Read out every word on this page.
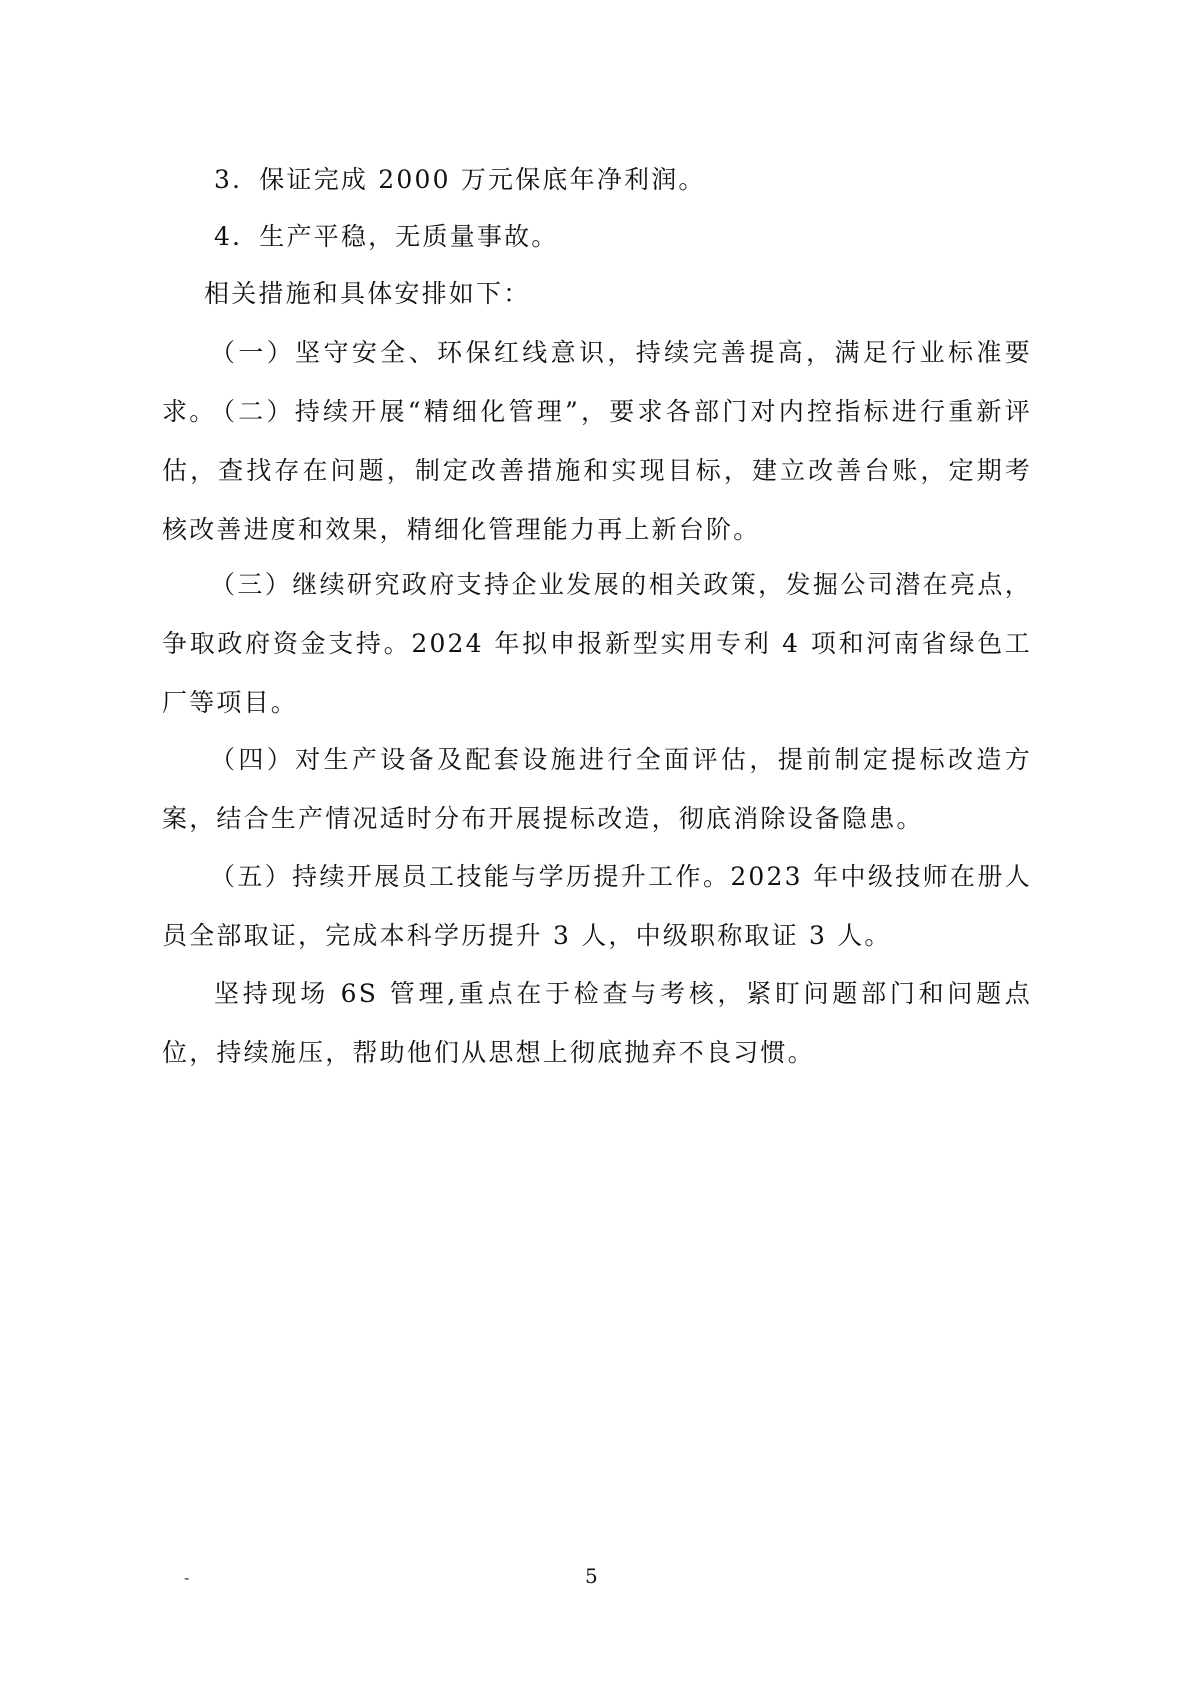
3．保证完成 2000 万元保底年净利润。

4．生产平稳，无质量事故。

相关措施和具体安排如下：

（一）坚守安全、环保红线意识，持续完善提高，满足行业标准要求。

（二）持续开展“精细化管理”，要求各部门对内控指标进行重新评估，查找存在问题，制定改善措施和实现目标，建立改善台账，定期考核改善进度和效果，精细化管理能力再上新台阶。

（三）继续研究政府支持企业发展的相关政策，发掘公司潜在亮点，争取政府资金支持。2024 年拟申报新型实用专利 4 项和河南省绿色工厂等项目。

（四）对生产设备及配套设施进行全面评估，提前制定提标改造方案，结合生产情况适时分布开展提标改造，彻底消除设备隐患。

（五）持续开展员工技能与学历提升工作。2023 年中级技师在册人员全部取证，完成本科学历提升 3 人，中级职称取证 3 人。

坚持现场 6S 管理,重点在于检查与考核，紧盯问题部门和问题点位，持续施压，帮助他们从思想上彻底抛弃不良习惯。

-	5
